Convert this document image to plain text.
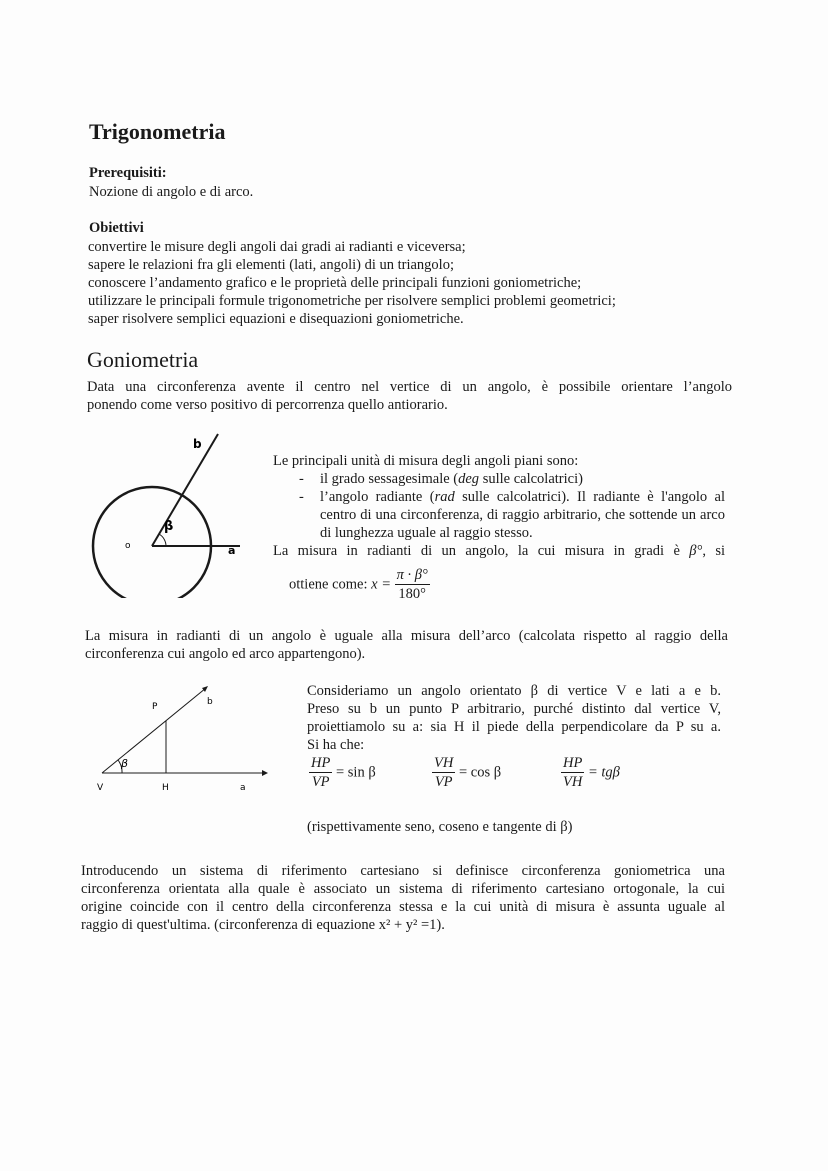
Trigonometria
Prerequisiti:
Nozione di angolo e di arco.
Obiettivi
convertire le misure degli angoli dai gradi ai radianti e viceversa;
sapere le relazioni fra gli elementi (lati, angoli) di un triangolo;
conoscere l’andamento grafico e le proprietà delle principali funzioni goniometriche;
utilizzare le principali formule trigonometriche per risolvere semplici problemi geometrici;
saper risolvere semplici equazioni e disequazioni goniometriche.
Goniometria
Data una circonferenza avente il centro nel vertice di un angolo, è possibile orientare l’angolo
ponendo come verso positivo di percorrenza quello antiorario.
b
β
o	a
Le principali unità di misura degli angoli piani sono:
- il grado sessagesimale (deg sulle calcolatrici)
- l’angolo radiante (rad sulle calcolatrici). Il radiante è l'angolo al centro di una circonferenza, di raggio arbitrario, che sottende un arco di lunghezza uguale al raggio stesso.
La misura in radianti di un angolo, la cui misura in gradi è β°, si
ottiene come: $x = \frac{\pi \cdot \beta^\circ}{180^\circ}$
La misura in radianti di un angolo è uguale alla misura dell’arco (calcolata rispetto al raggio della
circonferenza cui angolo ed arco appartengono).
P	b
β
V	H	a
Consideriamo un angolo orientato β di vertice V e lati a e b.
Preso su b un punto P arbitrario, purché distinto dal vertice V,
proiettiamolo su a: sia H il piede della perpendicolare da P su a.
Si ha che:
$\frac{HP}{VP} = \sin \beta$	$\frac{VH}{VP} = \cos \beta$	$\frac{HP}{VH} = tg\beta$
(rispettivamente seno, coseno e tangente di β)
Introducendo un sistema di riferimento cartesiano si definisce circonferenza goniometrica una
circonferenza orientata alla quale è associato un sistema di riferimento cartesiano ortogonale, la cui
origine coincide con il centro della circonferenza stessa e la cui unità di misura è assunta uguale al
raggio di quest'ultima. (circonferenza di equazione x² + y² =1).
